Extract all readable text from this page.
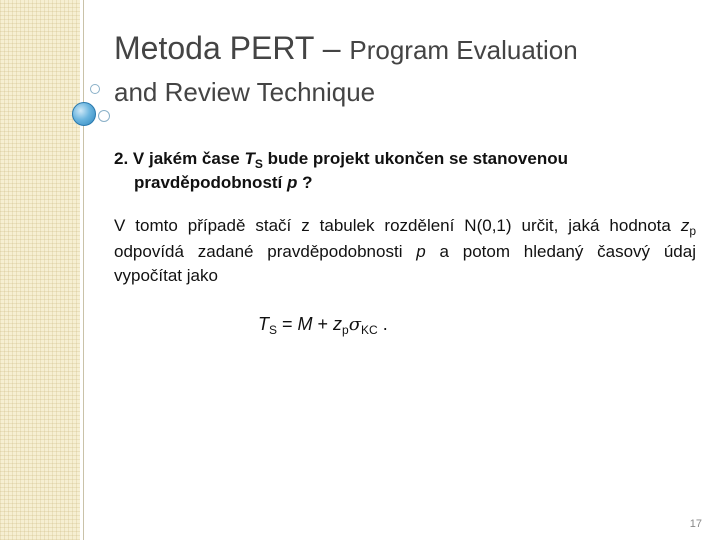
Metoda PERT – Program Evaluation
and Review Technique
2. V jakém čase $T_S$ bude projekt ukončen se stanovenou
pravděpodobností p ?
V tomto případě stačí z tabulek rozdělení N(0,1) určit, jaká hodnota $z_p$ odpovídá zadané pravděpodobnosti p a potom hledaný časový údaj vypočítat jako
$T_S = M + z_p\sigma_{KC}$ .
17
